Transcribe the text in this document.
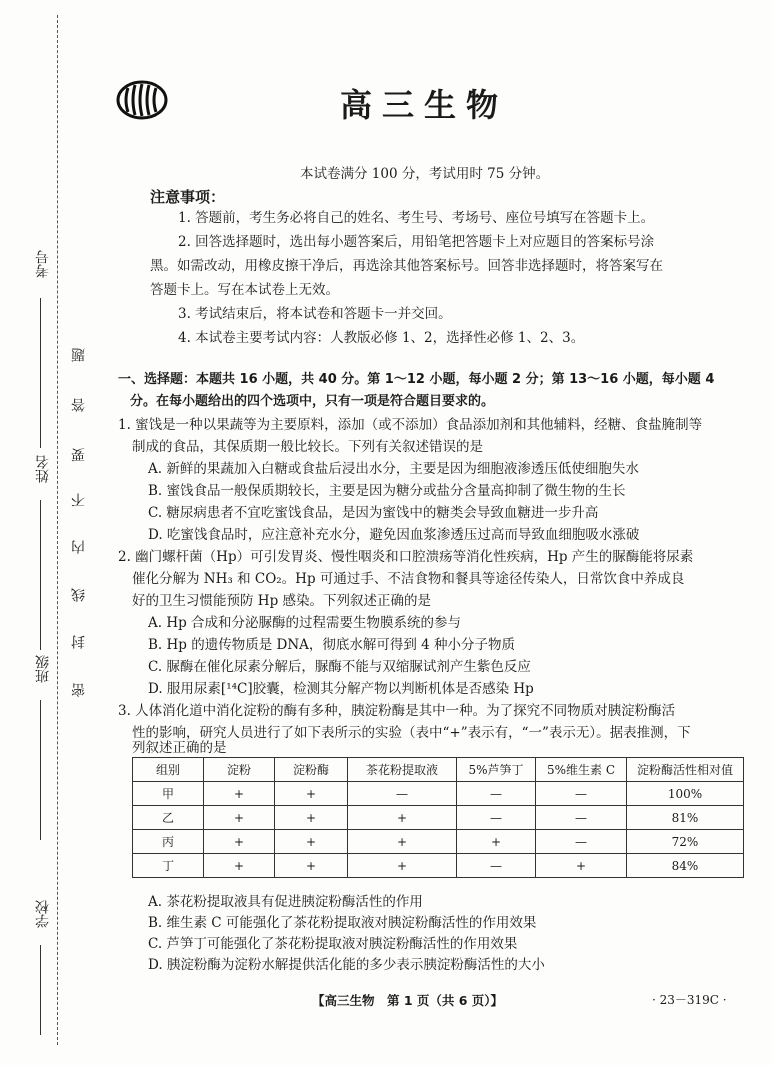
考号
姓名
班级
学校
题
答
要
不
内
线
封
密
高三生物
本试卷满分 100 分，考试用时 75 分钟。
注意事项：
1. 答题前，考生务必将自己的姓名、考生号、考场号、座位号填写在答题卡上。
2. 回答选择题时，选出每小题答案后，用铅笔把答题卡上对应题目的答案标号涂
黑。如需改动，用橡皮擦干净后，再选涂其他答案标号。回答非选择题时，将答案写在
答题卡上。写在本试卷上无效。
3. 考试结束后，将本试卷和答题卡一并交回。
4. 本试卷主要考试内容：人教版必修 1、2，选择性必修 1、2、3。
一、选择题：本题共 16 小题，共 40 分。第 1～12 小题，每小题 2 分；第 13～16 小题，每小题 4
分。在每小题给出的四个选项中，只有一项是符合题目要求的。
1. 蜜饯是一种以果蔬等为主要原料，添加（或不添加）食品添加剂和其他辅料，经糖、食盐腌制等
制成的食品，其保质期一般比较长。下列有关叙述错误的是
A. 新鲜的果蔬加入白糖或食盐后浸出水分，主要是因为细胞液渗透压低使细胞失水
B. 蜜饯食品一般保质期较长，主要是因为糖分或盐分含量高抑制了微生物的生长
C. 糖尿病患者不宜吃蜜饯食品，是因为蜜饯中的糖类会导致血糖进一步升高
D. 吃蜜饯食品时，应注意补充水分，避免因血浆渗透压过高而导致血细胞吸水涨破
2. 幽门螺杆菌（Hp）可引发胃炎、慢性咽炎和口腔溃疡等消化性疾病，Hp 产生的脲酶能将尿素
催化分解为 NH₃ 和 CO₂。Hp 可通过手、不洁食物和餐具等途径传染人，日常饮食中养成良
好的卫生习惯能预防 Hp 感染。下列叙述正确的是
A. Hp 合成和分泌脲酶的过程需要生物膜系统的参与
B. Hp 的遗传物质是 DNA，彻底水解可得到 4 种小分子物质
C. 脲酶在催化尿素分解后，脲酶不能与双缩脲试剂产生紫色反应
D. 服用尿素[¹⁴C]胶囊，检测其分解产物以判断机体是否感染 Hp
3. 人体消化道中消化淀粉的酶有多种，胰淀粉酶是其中一种。为了探究不同物质对胰淀粉酶活
性的影响，研究人员进行了如下表所示的实验（表中“+”表示有，“一”表示无）。据表推测，下
列叙述正确的是
组别	淀粉	淀粉酶	茶花粉提取液	5%芦笋丁	5%维生素 C	淀粉酶活性相对值
甲	+	+	—	—	—	100%
乙	+	+	+	—	—	81%
丙	+	+	+	+	—	72%
丁	+	+	+	—	+	84%
A. 茶花粉提取液具有促进胰淀粉酶活性的作用
B. 维生素 C 可能强化了茶花粉提取液对胰淀粉酶活性的作用效果
C. 芦笋丁可能强化了茶花粉提取液对胰淀粉酶活性的作用效果
D. 胰淀粉酶为淀粉水解提供活化能的多少表示胰淀粉酶活性的大小
【高三生物　第 1 页（共 6 页）】	· 23－319C ·
